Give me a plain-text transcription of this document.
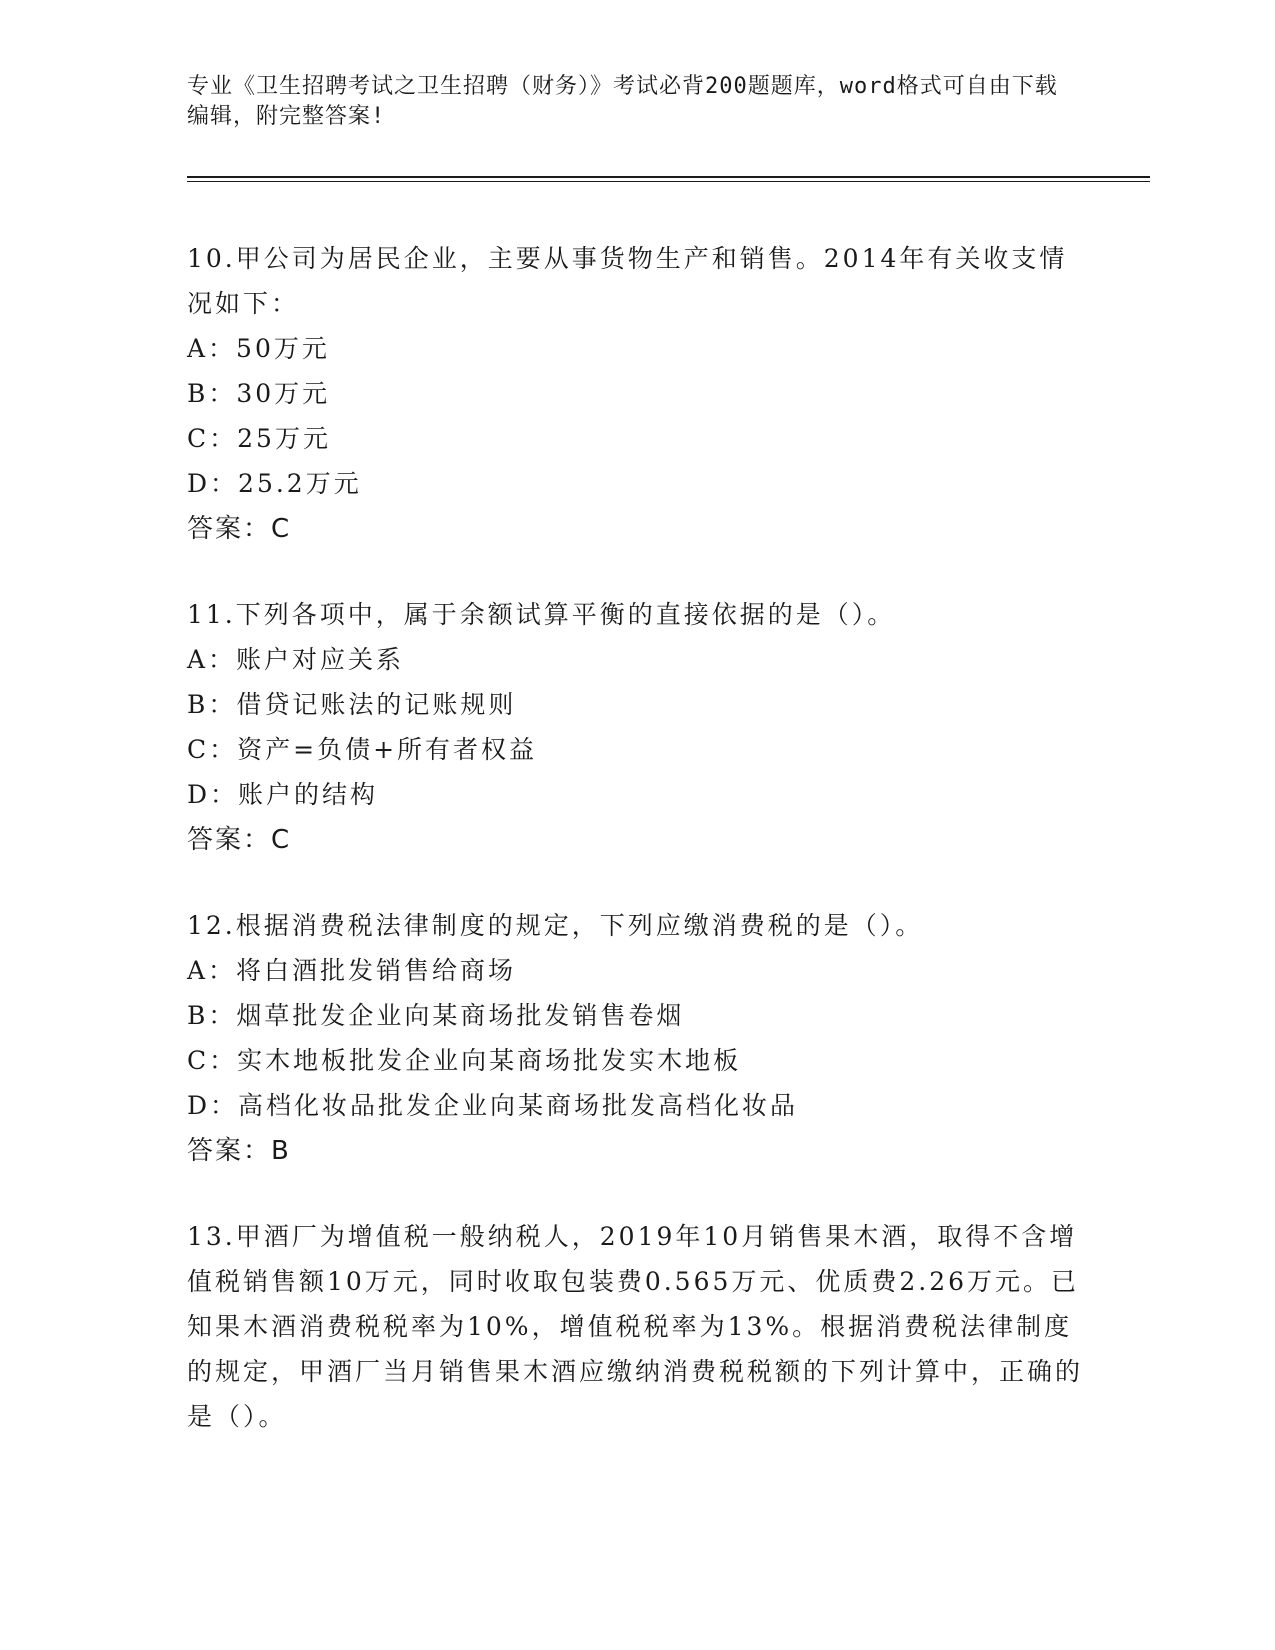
专业《卫生招聘考试之卫生招聘（财务）》考试必背200题题库，word格式可自由下载编辑，附完整答案!

10.甲公司为居民企业，主要从事货物生产和销售。2014年有关收支情况如下：

A：50万元

B：30万元

C：25万元

D：25.2万元

答案：C

11.下列各项中，属于余额试算平衡的直接依据的是（）。

A：账户对应关系

B：借贷记账法的记账规则

C：资产=负债+所有者权益

D：账户的结构

答案：C

12.根据消费税法律制度的规定，下列应缴消费税的是（）。

A：将白酒批发销售给商场

B：烟草批发企业向某商场批发销售卷烟

C：实木地板批发企业向某商场批发实木地板

D：高档化妆品批发企业向某商场批发高档化妆品

答案：B

13.甲酒厂为增值税一般纳税人，2019年10月销售果木酒，取得不含增值税销售额10万元，同时收取包装费0.565万元、优质费2.26万元。已知果木酒消费税税率为10%，增值税税率为13%。根据消费税法律制度的规定，甲酒厂当月销售果木酒应缴纳消费税税额的下列计算中，正确的是（）。
